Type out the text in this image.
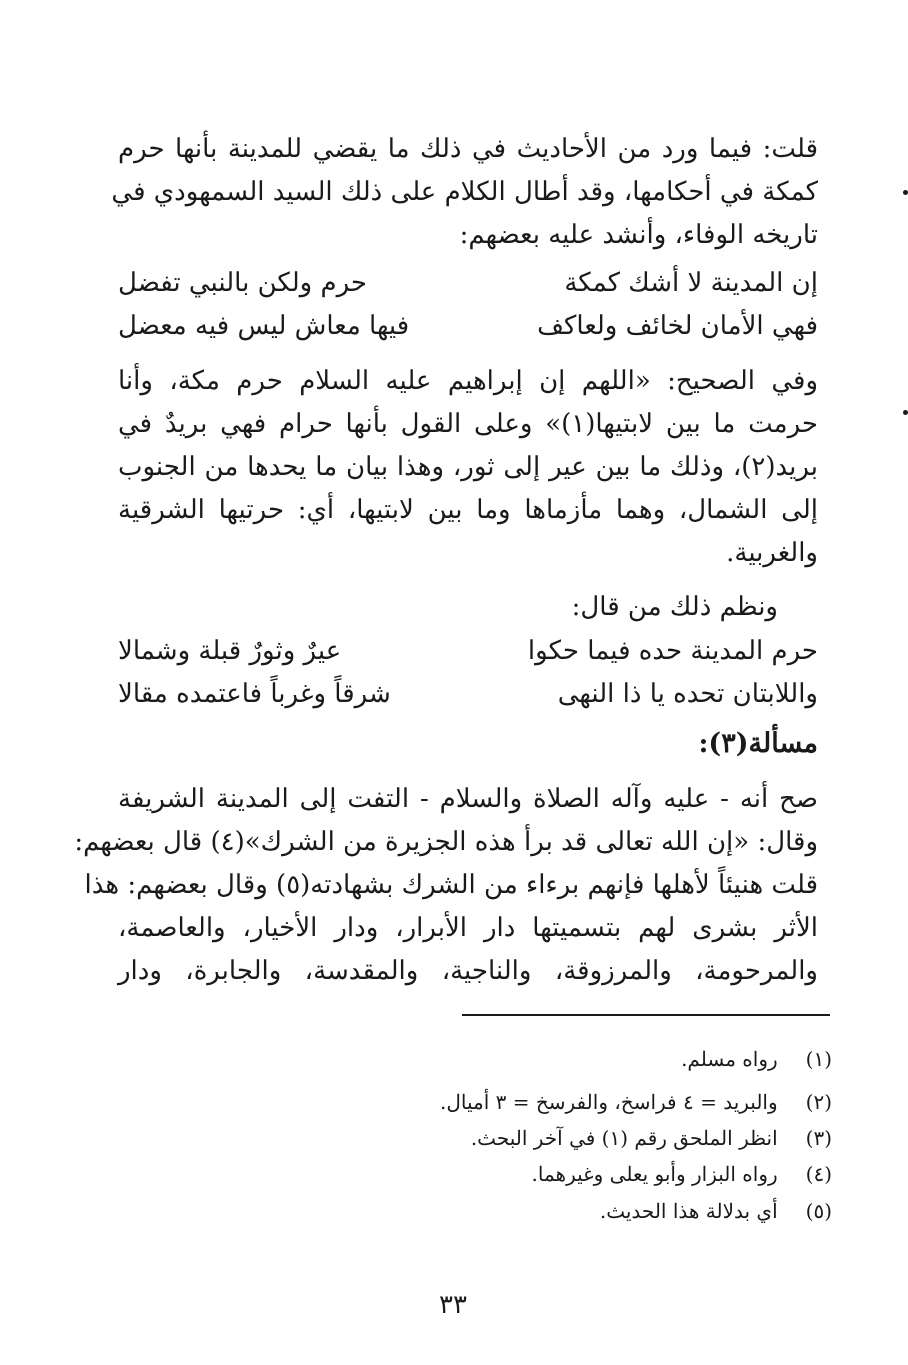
قلت: فيما ورد من الأحاديث في ذلك ما يقضي للمدينة بأنها حرم
كمكة في أحكامها، وقد أطال الكلام على ذلك السيد السمهودي في
تاريخه الوفاء، وأنشد عليه بعضهم:
إن المدينة لا أشك كمكة
حرم ولكن بالنبي تفضل
فهي الأمان لخائف ولعاكف
فيها معاش ليس فيه معضل
وفي الصحيح: «اللهم إن إبراهيم عليه السلام حرم مكة، وأنا
حرمت ما بين لابتيها(١)» وعلى القول بأنها حرام فهي بريدٌ في
بريد(٢)، وذلك ما بين عير إلى ثور، وهذا بيان ما يحدها من الجنوب
إلى الشمال، وهما مأزماها وما بين لابتيها، أي: حرتيها الشرقية
والغربية.
ونظم ذلك من قال:
حرم المدينة حده فيما حكوا
عيرٌ وثورٌ قبلة وشمالا
واللابتان تحده يا ذا النهى
شرقاً وغرباً فاعتمده مقالا
مسألة(٣):
صح أنه - عليه وآله الصلاة والسلام - التفت إلى المدينة الشريفة
وقال: «إن الله تعالى قد برأ هذه الجزيرة من الشرك»(٤) قال بعضهم:
قلت هنيئاً لأهلها فإنهم برءاء من الشرك بشهادته(٥) وقال بعضهم: هذا
الأثر بشرى لهم بتسميتها دار الأبرار، ودار الأخيار، والعاصمة،
والمرحومة، والمرزوقة، والناجية، والمقدسة، والجابرة، ودار
(١) رواه مسلم.
(٢) والبريد = ٤ فراسخ، والفرسخ = ٣ أميال.
(٣) انظر الملحق رقم (١) في آخر البحث.
(٤) رواه البزار وأبو يعلى وغيرهما.
(٥) أي بدلالة هذا الحديث.
٣٣
